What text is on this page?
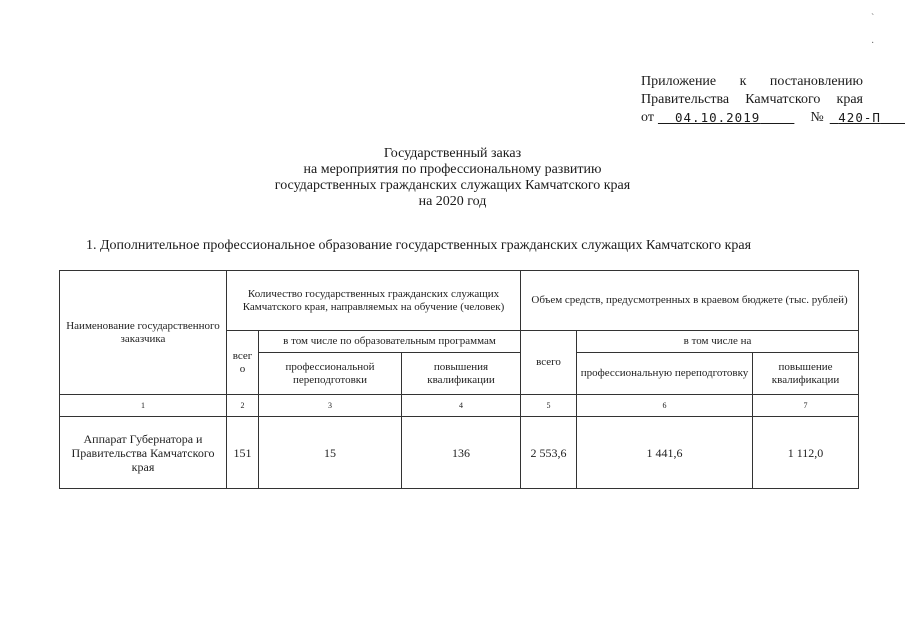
ˋ
·
Приложение к постановлению
Правительства Камчатского края
от	04.10.2019	№	420-П
Государственный заказ
на мероприятия по профессиональному развитию
государственных гражданских служащих Камчатского края
на 2020 год
1. Дополнительное профессиональное образование государственных гражданских служащих Камчатского края
Наименование государственного заказчика	Количество государственных гражданских служащих Камчатского края, направляемых на обучение (человек)			Объем средств, предусмотренных в краевом бюджете (тыс. рублей)		
	всег о	в том числе по образовательным программам		всего	в том числе на	
		профессиональной переподготовки	повышения квалификации		профессиональную переподготовку	повышение квалификации
1	2	3	4	5	6	7
Аппарат Губернатора и Правительства Камчатского края	151	15	136	2 553,6	1 441,6	1 112,0
